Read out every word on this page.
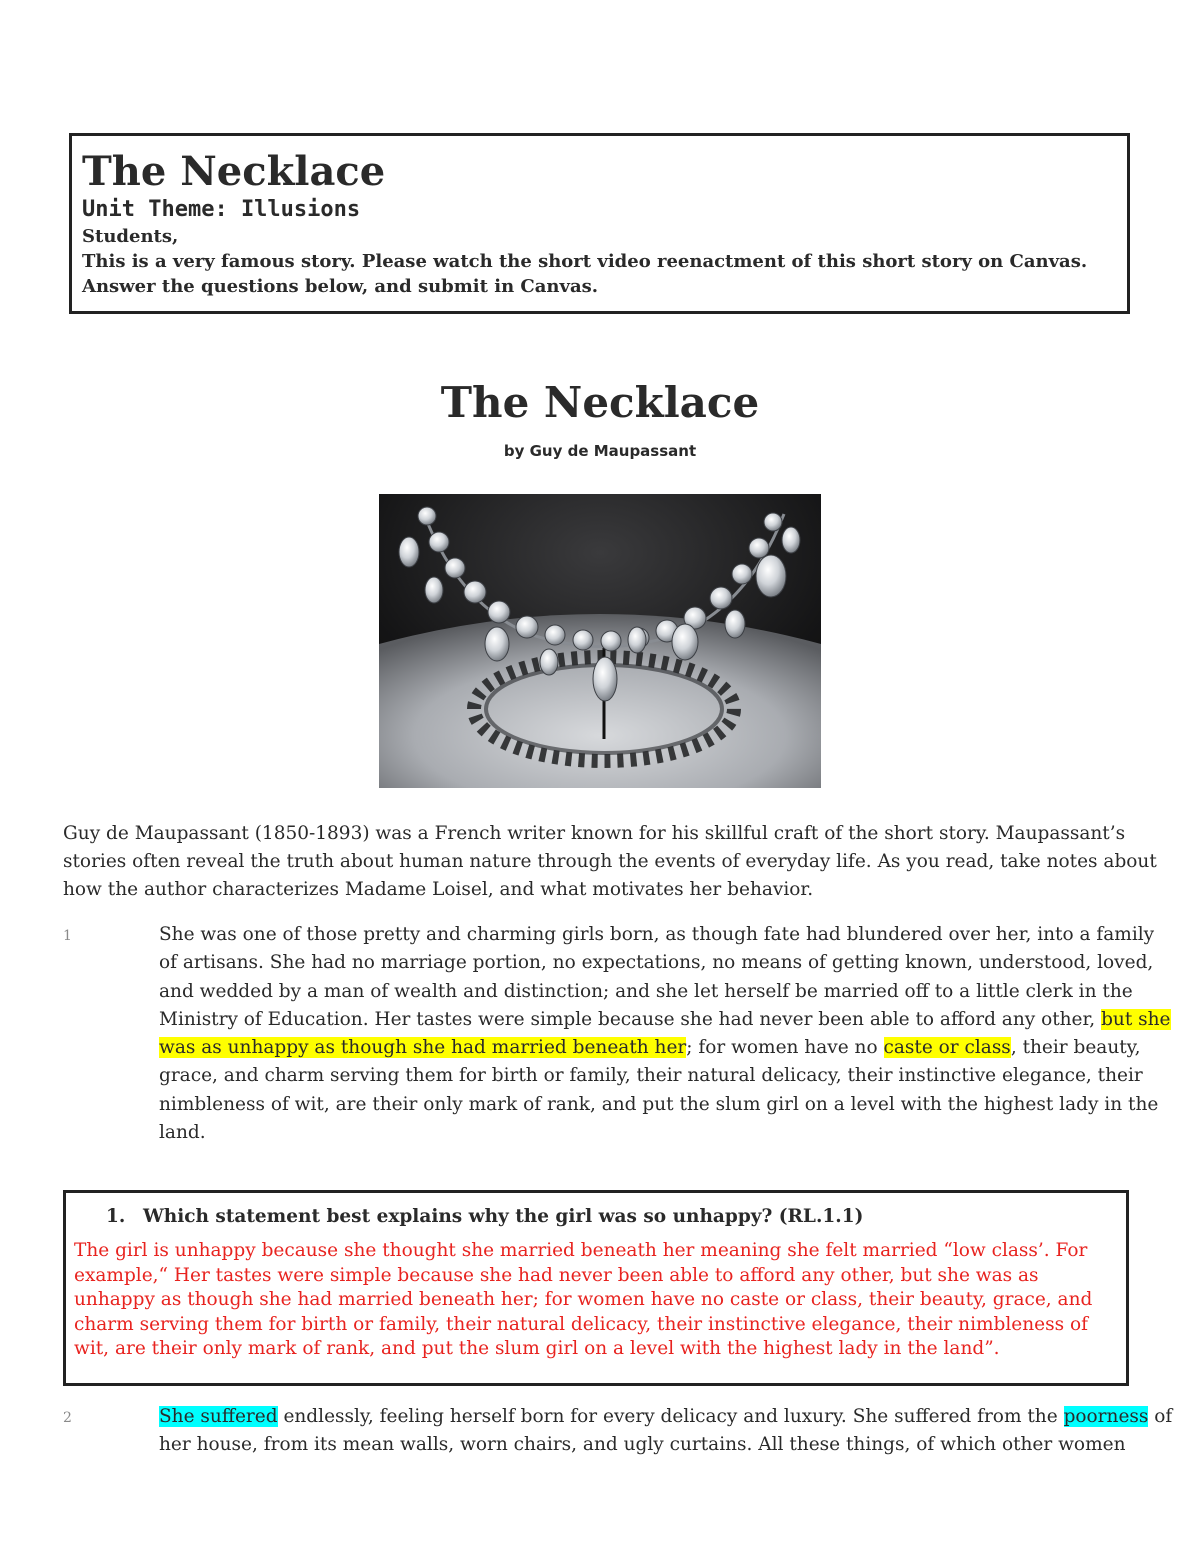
The Necklace
Unit Theme: Illusions
Students,
This is a very famous story. Please watch the short video reenactment of this short story on Canvas. Answer the questions below, and submit in Canvas.
The Necklace
by Guy de Maupassant

Guy de Maupassant (1850-1893) was a French writer known for his skillful craft of the short story. Maupassant’s stories often reveal the truth about human nature through the events of everyday life. As you read, take notes about how the author characterizes Madame Loisel, and what motivates her behavior.

1	She was one of those pretty and charming girls born, as though fate had blundered over her, into a family of artisans. She had no marriage portion, no expectations, no means of getting known, understood, loved, and wedded by a man of wealth and distinction; and she let herself be married off to a little clerk in the Ministry of Education. Her tastes were simple because she had never been able to afford any other, but she was as unhappy as though she had married beneath her; for women have no caste or class, their beauty, grace, and charm serving them for birth or family, their natural delicacy, their instinctive elegance, their nimbleness of wit, are their only mark of rank, and put the slum girl on a level with the highest lady in the land.

1. Which statement best explains why the girl was so unhappy? (RL.1.1)

The girl is unhappy because she thought she married beneath her meaning she felt married “low class’. For example,“ Her tastes were simple because she had never been able to afford any other, but she was as unhappy as though she had married beneath her; for women have no caste or class, their beauty, grace, and charm serving them for birth or family, their natural delicacy, their instinctive elegance, their nimbleness of wit, are their only mark of rank, and put the slum girl on a level with the highest lady in the land”.

2	She suffered endlessly, feeling herself born for every delicacy and luxury. She suffered from the poorness of her house, from its mean walls, worn chairs, and ugly curtains. All these things, of which other women
